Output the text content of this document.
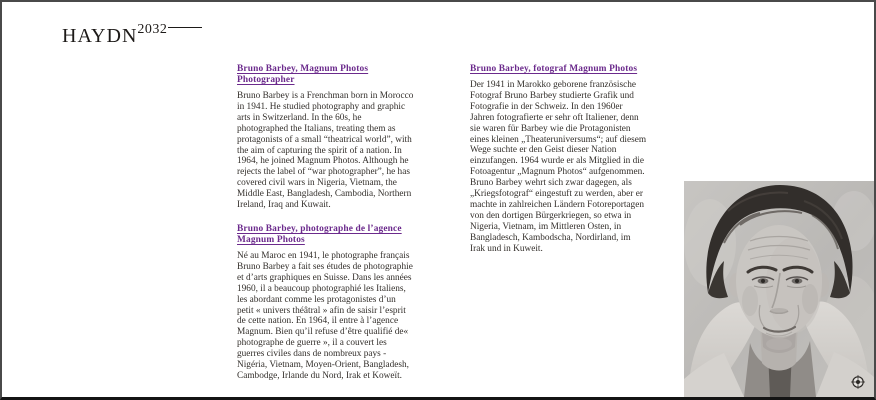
HAYDN2032
Bruno Barbey, Magnum Photos Photographer

Bruno Barbey is a Frenchman born in Morocco in 1941. He studied photography and graphic arts in Switzerland. In the 60s, he photographed the Italians, treating them as protagonists of a small “theatrical world”, with the aim of capturing the spirit of a nation. In 1964, he joined Magnum Photos. Although he rejects the label of “war photographer”, he has covered civil wars in Nigeria, Vietnam, the Middle East, Bangladesh, Cambodia, Northern Ireland, Iraq and Kuwait.

Bruno Barbey, photographe de l’agence Magnum Photos

Né au Maroc en 1941, le photographe français Bruno Barbey a fait ses études de photographie et d’arts graphiques en Suisse. Dans les années 1960, il a beaucoup photographié les Italiens, les abordant comme les protagonistes d’un petit « univers théâtral » afin de saisir l’esprit de cette nation. En 1964, il entre à l’agence Magnum. Bien qu’il refuse d’être qualifié de« photographe de guerre », il a couvert les guerres civiles dans de nombreux pays - Nigéria, Vietnam, Moyen-Orient, Bangladesh, Cambodge, Irlande du Nord, Irak et Koweït.

Bruno Barbey, fotograf Magnum Photos

Der 1941 in Marokko geborene französische Fotograf Bruno Barbey studierte Grafik und Fotografie in der Schweiz. In den 1960er Jahren fotografierte er sehr oft Italiener, denn sie waren für Barbey wie die Protagonisten eines kleinen „Theateruniversums“; auf diesem Wege suchte er den Geist dieser Nation einzufangen. 1964 wurde er als Mitglied in die Fotoagentur „Magnum Photos“ aufgenommen. Bruno Barbey wehrt sich zwar dagegen, als „Kriegsfotograf“ eingestuft zu werden, aber er machte in zahlreichen Ländern Fotoreportagen von den dortigen Bürgerkriegen, so etwa in Nigeria, Vietnam, im Mittleren Osten, in Bangladesch, Kambodscha, Nordirland, im Irak und in Kuweit.
